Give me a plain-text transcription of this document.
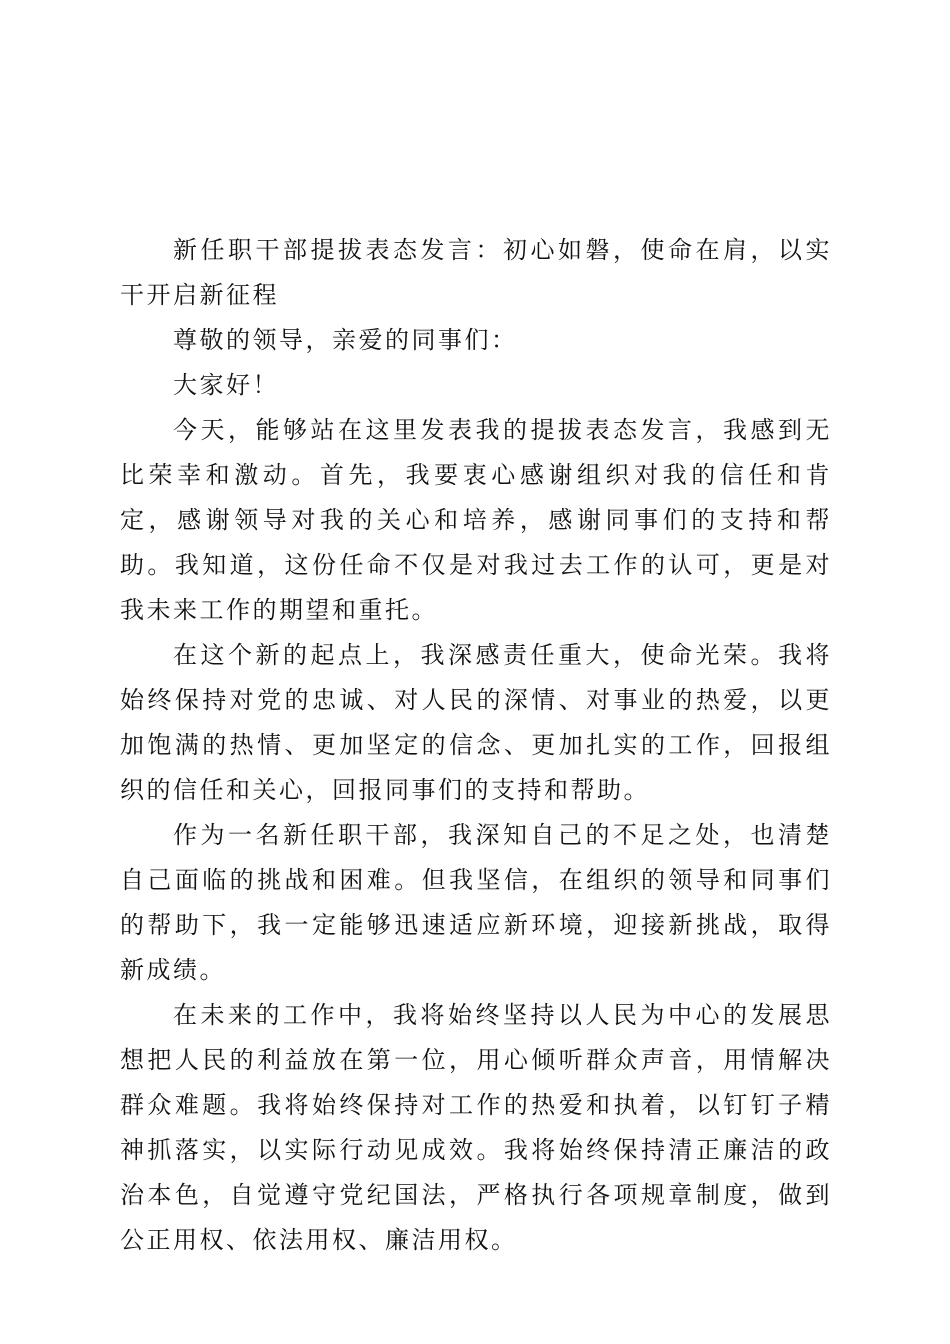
新任职干部提拔表态发言：初心如磐，使命在肩，以实干开启新征程

尊敬的领导，亲爱的同事们：

大家好！

今天，能够站在这里发表我的提拔表态发言，我感到无比荣幸和激动。首先，我要衷心感谢组织对我的信任和肯定，感谢领导对我的关心和培养，感谢同事们的支持和帮助。我知道，这份任命不仅是对我过去工作的认可，更是对我未来工作的期望和重托。

在这个新的起点上，我深感责任重大，使命光荣。我将始终保持对党的忠诚、对人民的深情、对事业的热爱，以更加饱满的热情、更加坚定的信念、更加扎实的工作，回报组织的信任和关心，回报同事们的支持和帮助。

作为一名新任职干部，我深知自己的不足之处，也清楚自己面临的挑战和困难。但我坚信，在组织的领导和同事们的帮助下，我一定能够迅速适应新环境，迎接新挑战，取得新成绩。

在未来的工作中，我将始终坚持以人民为中心的发展思想把人民的利益放在第一位，用心倾听群众声音，用情解决群众难题。我将始终保持对工作的热爱和执着，以钉钉子精神抓落实，以实际行动见成效。我将始终保持清正廉洁的政治本色，自觉遵守党纪国法，严格执行各项规章制度，做到公正用权、依法用权、廉洁用权。
